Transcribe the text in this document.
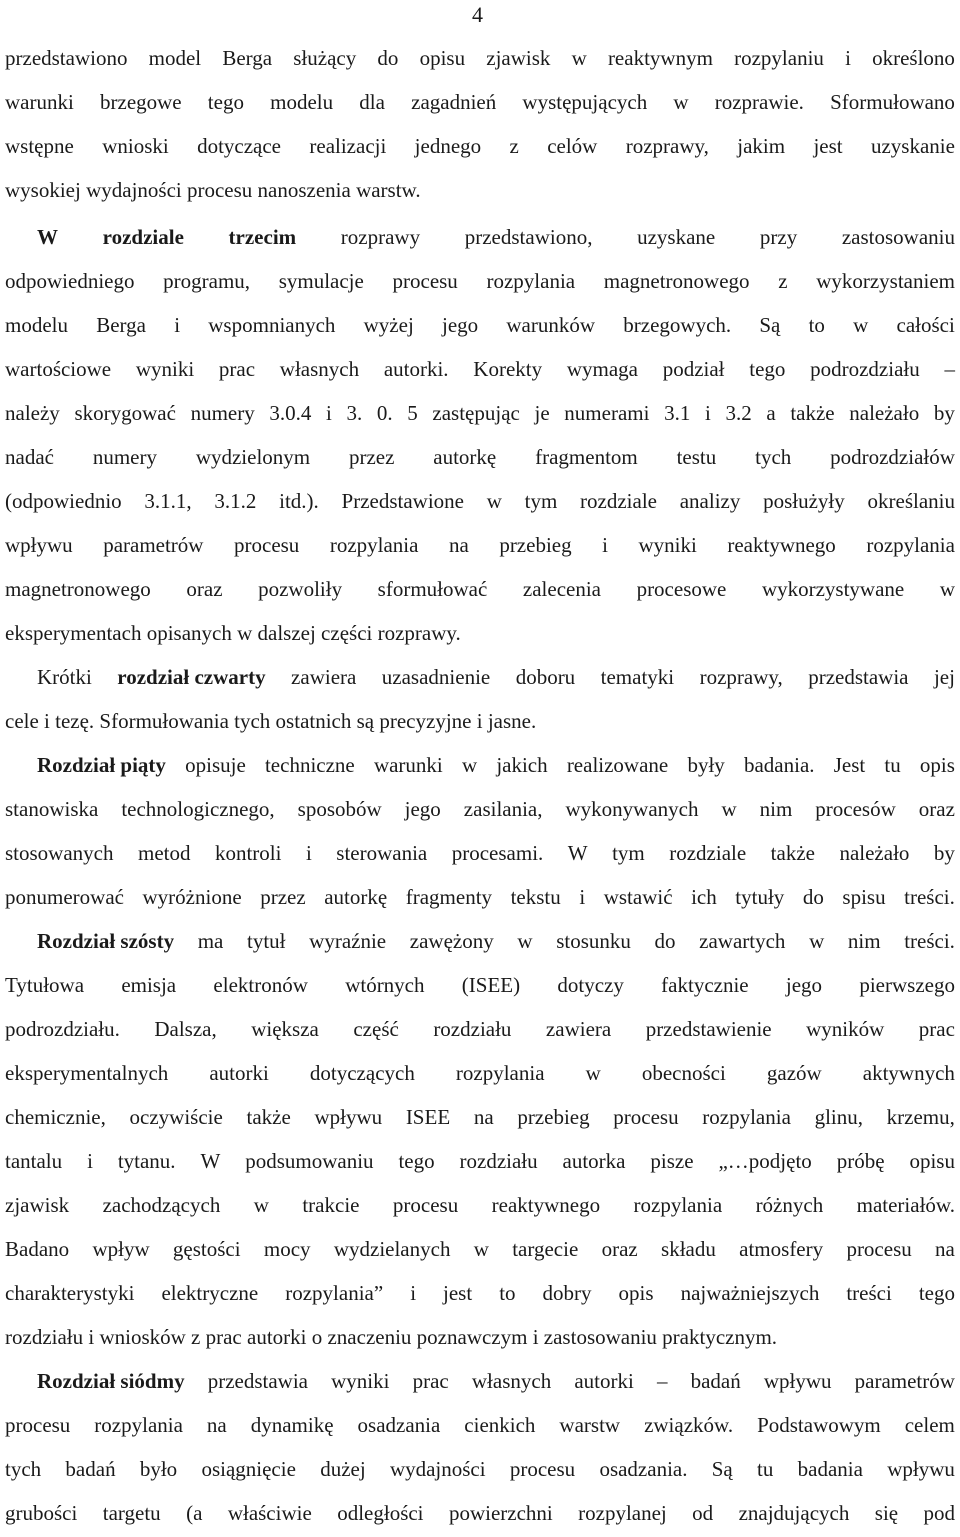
4
przedstawiono model Berga służący do opisu zjawisk w reaktywnym rozpylaniu i określono
warunki brzegowe tego modelu dla zagadnień występujących w rozprawie. Sformułowano
wstępne wnioski dotyczące realizacji jednego z celów rozprawy, jakim jest uzyskanie
wysokiej wydajności procesu nanoszenia warstw.
W rozdziale trzecim rozprawy przedstawiono, uzyskane przy zastosowaniu
odpowiedniego programu, symulacje procesu rozpylania magnetronowego z wykorzystaniem
modelu Berga i wspomnianych wyżej jego warunków brzegowych. Są to w całości
wartościowe wyniki prac własnych autorki. Korekty wymaga podział tego podrozdziału –
należy skorygować numery 3.0.4 i 3. 0. 5 zastępując je numerami 3.1 i 3.2 a także należało by
nadać numery wydzielonym przez autorkę fragmentom testu tych podrozdziałów
(odpowiednio 3.1.1, 3.1.2 itd.). Przedstawione w tym rozdziale analizy posłużyły określaniu
wpływu parametrów procesu rozpylania na przebieg i wyniki reaktywnego rozpylania
magnetronowego oraz pozwoliły sformułować zalecenia procesowe wykorzystywane w
eksperymentach opisanych w dalszej części rozprawy.
Krótki rozdział czwarty zawiera uzasadnienie doboru tematyki rozprawy, przedstawia jej
cele i tezę. Sformułowania tych ostatnich są precyzyjne i jasne.
Rozdział piąty opisuje techniczne warunki w jakich realizowane były badania. Jest tu opis
stanowiska technologicznego, sposobów jego zasilania, wykonywanych w nim procesów oraz
stosowanych metod kontroli i sterowania procesami. W tym rozdziale także należało by
ponumerować wyróżnione przez autorkę fragmenty tekstu i wstawić ich tytuły do spisu treści.
Rozdział szósty ma tytuł wyraźnie zawężony w stosunku do zawartych w nim treści.
Tytułowa emisja elektronów wtórnych (ISEE) dotyczy faktycznie jego pierwszego
podrozdziału. Dalsza, większa część rozdziału zawiera przedstawienie wyników prac
eksperymentalnych autorki dotyczących rozpylania w obecności gazów aktywnych
chemicznie, oczywiście także wpływu ISEE na przebieg procesu rozpylania glinu, krzemu,
tantalu i tytanu. W podsumowaniu tego rozdziału autorka pisze „…podjęto próbę opisu
zjawisk zachodzących w trakcie procesu reaktywnego rozpylania różnych materiałów.
Badano wpływ gęstości mocy wydzielanych w targecie oraz składu atmosfery procesu na
charakterystyki elektryczne rozpylania” i jest to dobry opis najważniejszych treści tego
rozdziału i wniosków z prac autorki o znaczeniu poznawczym i zastosowaniu praktycznym.
Rozdział siódmy przedstawia wyniki prac własnych autorki – badań wpływu parametrów
procesu rozpylania na dynamikę osadzania cienkich warstw związków. Podstawowym celem
tych badań było osiągnięcie dużej wydajności procesu osadzania. Są tu badania wpływu
grubości targetu (a właściwie odległości powierzchni rozpylanej od znajdujących się pod
